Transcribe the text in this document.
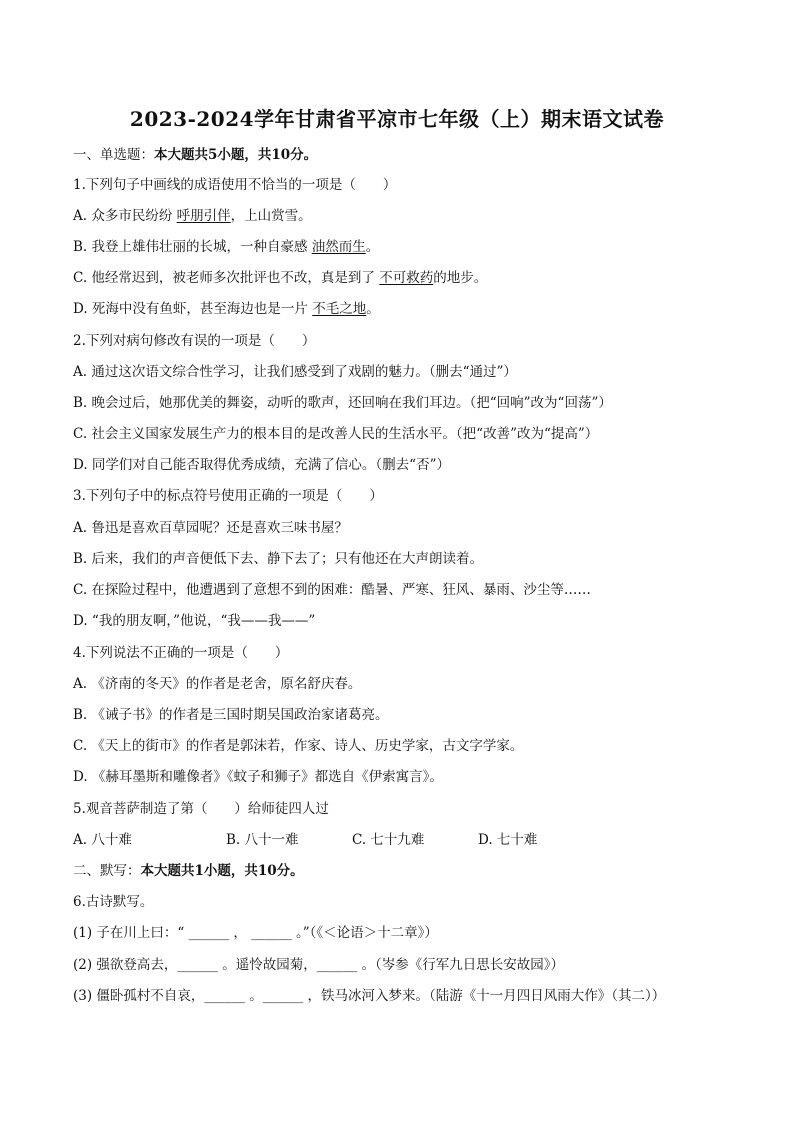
2023-2024学年甘肃省平凉市七年级（上）期末语文试卷
一、单选题：本大题共5小题，共10分。
1.下列句子中画线的成语使用不恰当的一项是（　　）
A. 众多市民纷纷 呼朋引伴，上山赏雪。
B. 我登上雄伟壮丽的长城，一种自豪感 油然而生。
C. 他经常迟到，被老师多次批评也不改，真是到了 不可救药的地步。
D. 死海中没有鱼虾，甚至海边也是一片 不毛之地。
2.下列对病句修改有误的一项是（　　）
A. 通过这次语文综合性学习，让我们感受到了戏剧的魅力。（删去“通过”）
B. 晚会过后，她那优美的舞姿，动听的歌声，还回响在我们耳边。（把“回响”改为“回荡”）
C. 社会主义国家发展生产力的根本目的是改善人民的生活水平。（把“改善”改为“提高”）
D. 同学们对自己能否取得优秀成绩，充满了信心。（删去“否”）
3.下列句子中的标点符号使用正确的一项是（　　）
A. 鲁迅是喜欢百草园呢？还是喜欢三味书屋？
B. 后来，我们的声音便低下去、静下去了；只有他还在大声朗读着。
C. 在探险过程中，他遭遇到了意想不到的困难：酷暑、严寒、狂风、暴雨、沙尘等……
D. “我的朋友啊，”他说，“我——我——”
4.下列说法不正确的一项是（　　）
A. 《济南的冬天》的作者是老舍，原名舒庆春。
B. 《诫子书》的作者是三国时期吴国政治家诸葛亮。
C. 《天上的街市》的作者是郭沫若，作家、诗人、历史学家，古文字学家。
D. 《赫耳墨斯和雕像者》《蚊子和狮子》都选自《伊索寓言》。
5.观音菩萨制造了第（　　）给师徒四人过
A. 八十难	B. 八十一难	C. 七十九难	D. 七十难
二、默写：本大题共1小题，共10分。
6.古诗默写。
(1) 子在川上曰：“ ______ ， ______ 。”（《＜论语＞十二章》）
(2) 强欲登高去，______ 。遥怜故园菊，______ 。（岑参《行军九日思长安故园》）
(3) 僵卧孤村不自哀，______ 。______ ，铁马冰河入梦来。（陆游《十一月四日风雨大作》（其二））
